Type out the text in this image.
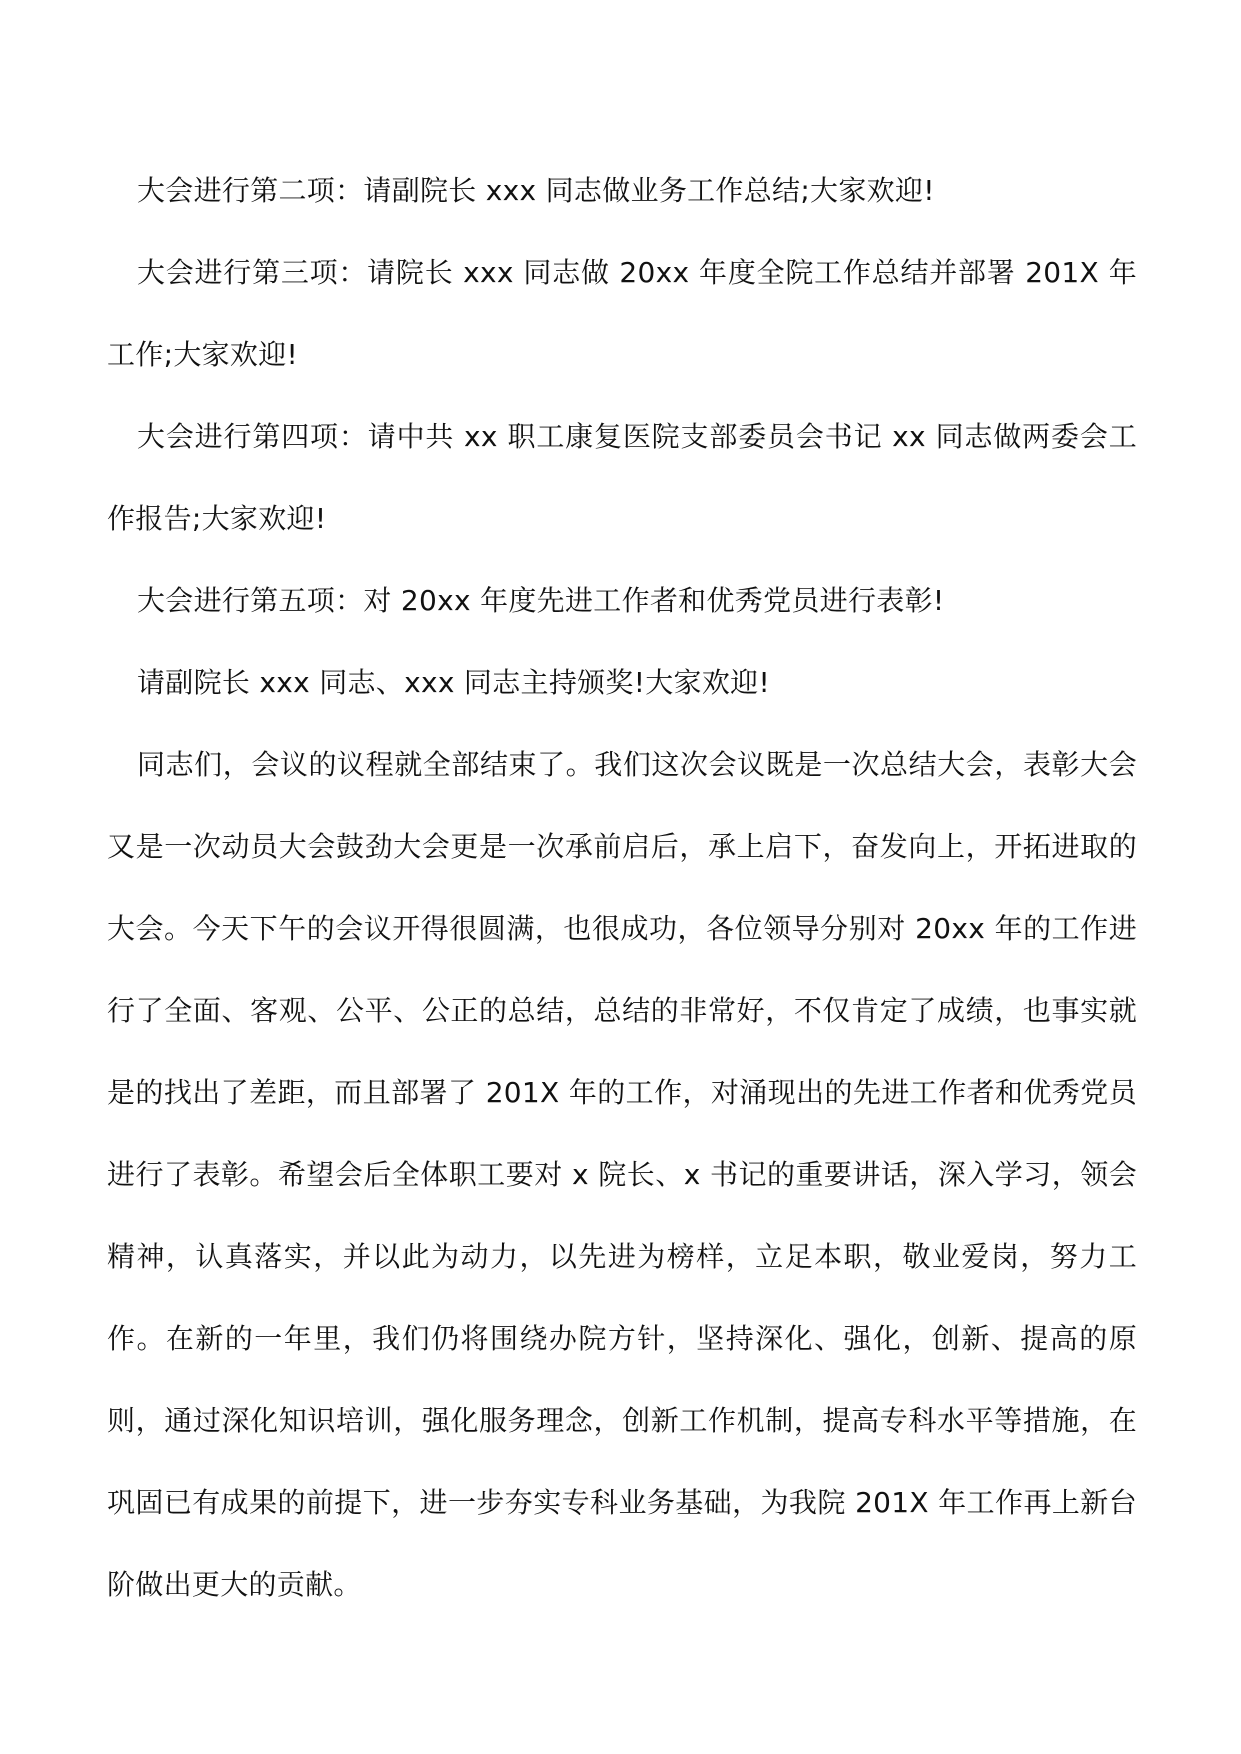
大会进行第二项：请副院长 xxx 同志做业务工作总结;大家欢迎!

大会进行第三项：请院长 xxx 同志做 20xx 年度全院工作总结并部署 201X 年工作;大家欢迎!

大会进行第四项：请中共 xx 职工康复医院支部委员会书记 xx 同志做两委会工作报告;大家欢迎!

大会进行第五项：对 20xx 年度先进工作者和优秀党员进行表彰!

请副院长 xxx 同志、xxx 同志主持颁奖!大家欢迎!

同志们，会议的议程就全部结束了。我们这次会议既是一次总结大会，表彰大会又是一次动员大会鼓劲大会更是一次承前启后，承上启下，奋发向上，开拓进取的大会。今天下午的会议开得很圆满，也很成功，各位领导分别对 20xx 年的工作进行了全面、客观、公平、公正的总结，总结的非常好，不仅肯定了成绩，也事实就是的找出了差距，而且部署了 201X 年的工作，对涌现出的先进工作者和优秀党员进行了表彰。希望会后全体职工要对 x 院长、x 书记的重要讲话，深入学习，领会精神，认真落实，并以此为动力，以先进为榜样，立足本职，敬业爱岗，努力工作。在新的一年里，我们仍将围绕办院方针，坚持深化、强化，创新、提高的原则，通过深化知识培训，强化服务理念，创新工作机制，提高专科水平等措施，在巩固已有成果的前提下，进一步夯实专科业务基础，为我院 201X 年工作再上新台阶做出更大的贡献。
